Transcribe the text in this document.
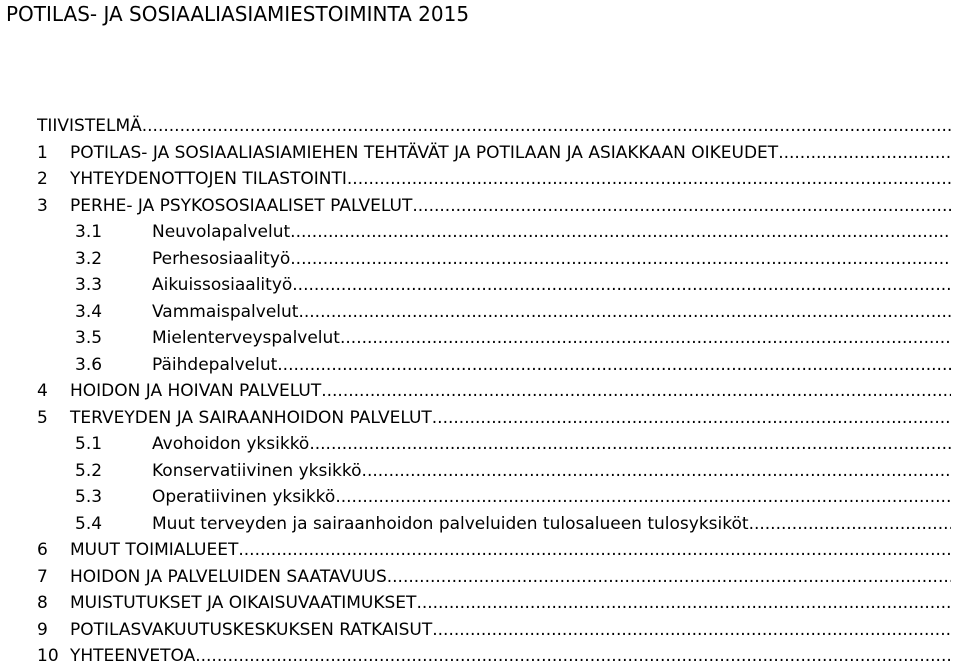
POTILAS- JA SOSIAALIASIAMIESTOIMINTA 2015
TIIVISTELMÄ
.....
1	POTILAS- JA SOSIAALIASIAMIEHEN TEHTÄVÄT JA POTILAAN JA ASIAKKAAN OIKEUDET
.....
2	YHTEYDENOTTOJEN TILASTOINTI
.....
3	PERHE- JA PSYKOSOSIAALISET PALVELUT
.....
3.1	Neuvolapalvelut
.....
3.2	Perhesosiaalityö
.....
3.3	Aikuissosiaalityö
.....
3.4	Vammaispalvelut
.....
3.5	Mielenterveyspalvelut
.....
3.6	Päihdepalvelut
.....
4	HOIDON JA HOIVAN PALVELUT
.....
5	TERVEYDEN JA SAIRAANHOIDON PALVELUT
.....
5.1	Avohoidon yksikkö
.....
5.2	Konservatiivinen yksikkö
.....
5.3	Operatiivinen yksikkö
.....
5.4	Muut terveyden ja sairaanhoidon palveluiden tulosalueen tulosyksiköt
.....
6	MUUT TOIMIALUEET
.....
7	HOIDON JA PALVELUIDEN SAATAVUUS
.....
8	MUISTUTUKSET JA OIKAISUVAATIMUKSET
.....
9	POTILASVAKUUTUSKESKUKSEN RATKAISUT
.....
10 YHTEENVETOA
.....
